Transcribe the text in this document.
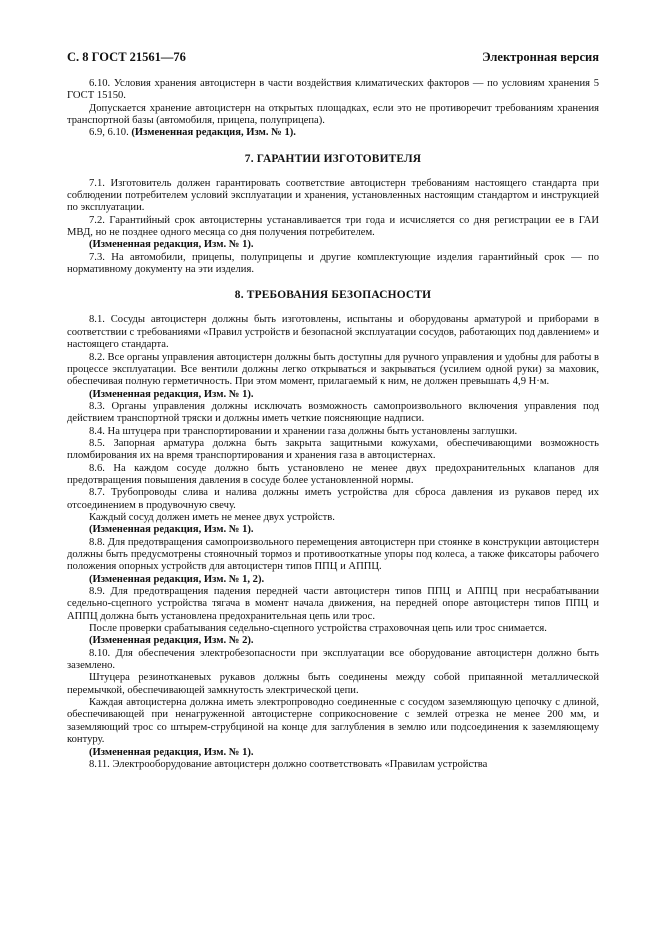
С. 8 ГОСТ 21561—76	Электронная версия

6.10. Условия хранения автоцистерн в части воздействия климатических факторов — по условиям хранения 5 ГОСТ 15150.

Допускается хранение автоцистерн на открытых площадках, если это не противоречит требованиям хранения транспортной базы (автомобиля, прицепа, полуприцепа).

6.9, 6.10. (Измененная редакция, Изм. № 1).

7. ГАРАНТИИ ИЗГОТОВИТЕЛЯ

7.1. Изготовитель должен гарантировать соответствие автоцистерн требованиям настоящего стандарта при соблюдении потребителем условий эксплуатации и хранения, установленных настоящим стандартом и инструкцией по эксплуатации.

7.2. Гарантийный срок автоцистерны устанавливается три года и исчисляется со дня регистрации ее в ГАИ МВД, но не позднее одного месяца со дня получения потребителем.

(Измененная редакция, Изм. № 1).

7.3. На автомобили, прицепы, полуприцепы и другие комплектующие изделия гарантийный срок — по нормативному документу на эти изделия.

8. ТРЕБОВАНИЯ БЕЗОПАСНОСТИ

8.1. Сосуды автоцистерн должны быть изготовлены, испытаны и оборудованы арматурой и приборами в соответствии с требованиями «Правил устройств и безопасной эксплуатации сосудов, работающих под давлением» и настоящего стандарта.

8.2. Все органы управления автоцистерн должны быть доступны для ручного управления и удобны для работы в процессе эксплуатации. Все вентили должны легко открываться и закрываться (усилием одной руки) за маховик, обеспечивая полную герметичность. При этом момент, прилагаемый к ним, не должен превышать 4,9 Н·м.

(Измененная редакция, Изм. № 1).

8.3. Органы управления должны исключать возможность самопроизвольного включения управления под действием транспортной тряски и должны иметь четкие поясняющие надписи.

8.4. На штуцера при транспортировании и хранении газа должны быть установлены заглушки.

8.5. Запорная арматура должна быть закрыта защитными кожухами, обеспечивающими возможность пломбирования их на время транспортирования и хранения газа в автоцистернах.

8.6. На каждом сосуде должно быть установлено не менее двух предохранительных клапанов для предотвращения повышения давления в сосуде более установленной нормы.

8.7. Трубопроводы слива и налива должны иметь устройства для сброса давления из рукавов перед их отсоединением в продувочную свечу.

Каждый сосуд должен иметь не менее двух устройств.

(Измененная редакция, Изм. № 1).

8.8. Для предотвращения самопроизвольного перемещения автоцистерн при стоянке в конструкции автоцистерн должны быть предусмотрены стояночный тормоз и противооткатные упоры под колеса, а также фиксаторы рабочего положения опорных устройств для автоцистерн типов ППЦ и АППЦ.

(Измененная редакция, Изм. № 1, 2).

8.9. Для предотвращения падения передней части автоцистерн типов ППЦ и АППЦ при несрабатывании седельно-сцепного устройства тягача в момент начала движения, на передней опоре автоцистерн типов ППЦ и АППЦ должна быть установлена предохранительная цепь или трос.

После проверки срабатывания седельно-сцепного устройства страховочная цепь или трос снимается.

(Измененная редакция, Изм. № 2).

8.10. Для обеспечения электробезопасности при эксплуатации все оборудование автоцистерн должно быть заземлено.

Штуцера резинотканевых рукавов должны быть соединены между собой припаянной металлической перемычкой, обеспечивающей замкнутость электрической цепи.

Каждая автоцистерна должна иметь электропроводно соединенные с сосудом заземляющую цепочку с длиной, обеспечивающей при ненагруженной автоцистерне соприкосновение с землей отрезка не менее 200 мм, и заземляющий трос со штырем-струбциной на конце для заглубления в землю или подсоединения к заземляющему контуру.

(Измененная редакция, Изм. № 1).

8.11. Электрооборудование автоцистерн должно соответствовать «Правилам устройства
